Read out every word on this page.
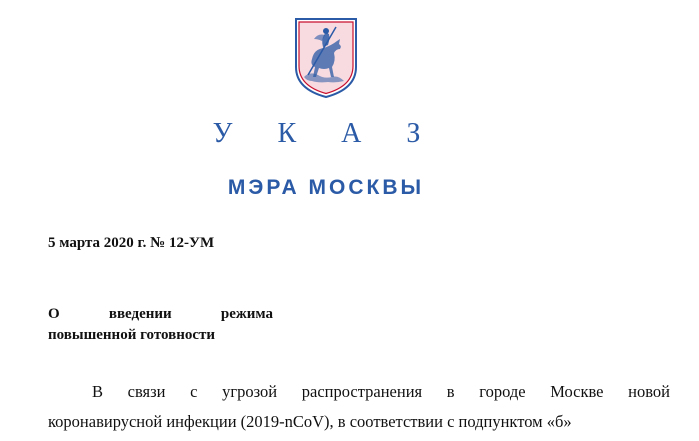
У К А З
МЭРА МОСКВЫ
5 марта 2020 г. № 12-УМ
О	введении	режима
повышенной готовности
В связи с угрозой распространения в городе Москве новой
коронавирусной инфекции (2019-nCoV), в соответствии с подпунктом «б»
